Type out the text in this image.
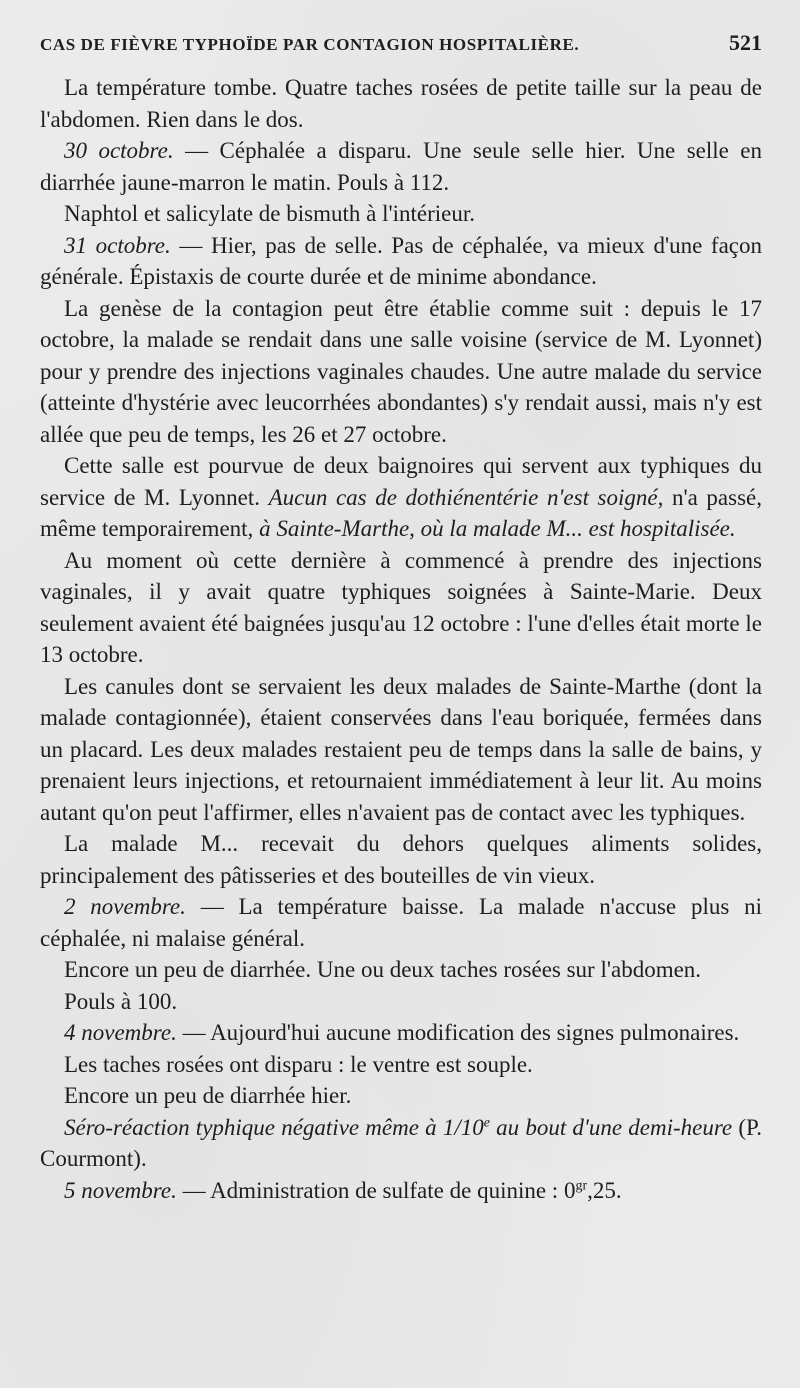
CAS DE FIÈVRE TYPHOÏDE PAR CONTAGION HOSPITALIÈRE.	521

La température tombe. Quatre taches rosées de petite taille sur la peau de l'abdomen. Rien dans le dos.

30 octobre. — Céphalée a disparu. Une seule selle hier. Une selle en diarrhée jaune-marron le matin. Pouls à 112.

Naphtol et salicylate de bismuth à l'intérieur.

31 octobre. — Hier, pas de selle. Pas de céphalée, va mieux d'une façon générale. Épistaxis de courte durée et de minime abondance.

La genèse de la contagion peut être établie comme suit : depuis le 17 octobre, la malade se rendait dans une salle voisine (service de M. Lyonnet) pour y prendre des injections vaginales chaudes. Une autre malade du service (atteinte d'hystérie avec leucorrhées abondantes) s'y rendait aussi, mais n'y est allée que peu de temps, les 26 et 27 octobre.

Cette salle est pourvue de deux baignoires qui servent aux typhiques du service de M. Lyonnet. Aucun cas de dothiénentérie n'est soigné, n'a passé, même temporairement, à Sainte-Marthe, où la malade M... est hospitalisée.

Au moment où cette dernière à commencé à prendre des injections vaginales, il y avait quatre typhiques soignées à Sainte-Marie. Deux seulement avaient été baignées jusqu'au 12 octobre : l'une d'elles était morte le 13 octobre.

Les canules dont se servaient les deux malades de Sainte-Marthe (dont la malade contagionnée), étaient conservées dans l'eau boriquée, fermées dans un placard. Les deux malades restaient peu de temps dans la salle de bains, y prenaient leurs injections, et retournaient immédiatement à leur lit. Au moins autant qu'on peut l'affirmer, elles n'avaient pas de contact avec les typhiques.

La malade M... recevait du dehors quelques aliments solides, principalement des pâtisseries et des bouteilles de vin vieux.

2 novembre. — La température baisse. La malade n'accuse plus ni céphalée, ni malaise général.

Encore un peu de diarrhée. Une ou deux taches rosées sur l'abdomen.

Pouls à 100.

4 novembre. — Aujourd'hui aucune modification des signes pulmonaires.

Les taches rosées ont disparu : le ventre est souple.

Encore un peu de diarrhée hier.

Séro-réaction typhique négative même à 1/10e au bout d'une demi-heure (P. Courmont).

5 novembre. — Administration de sulfate de quinine : $0^{gr},25$.
